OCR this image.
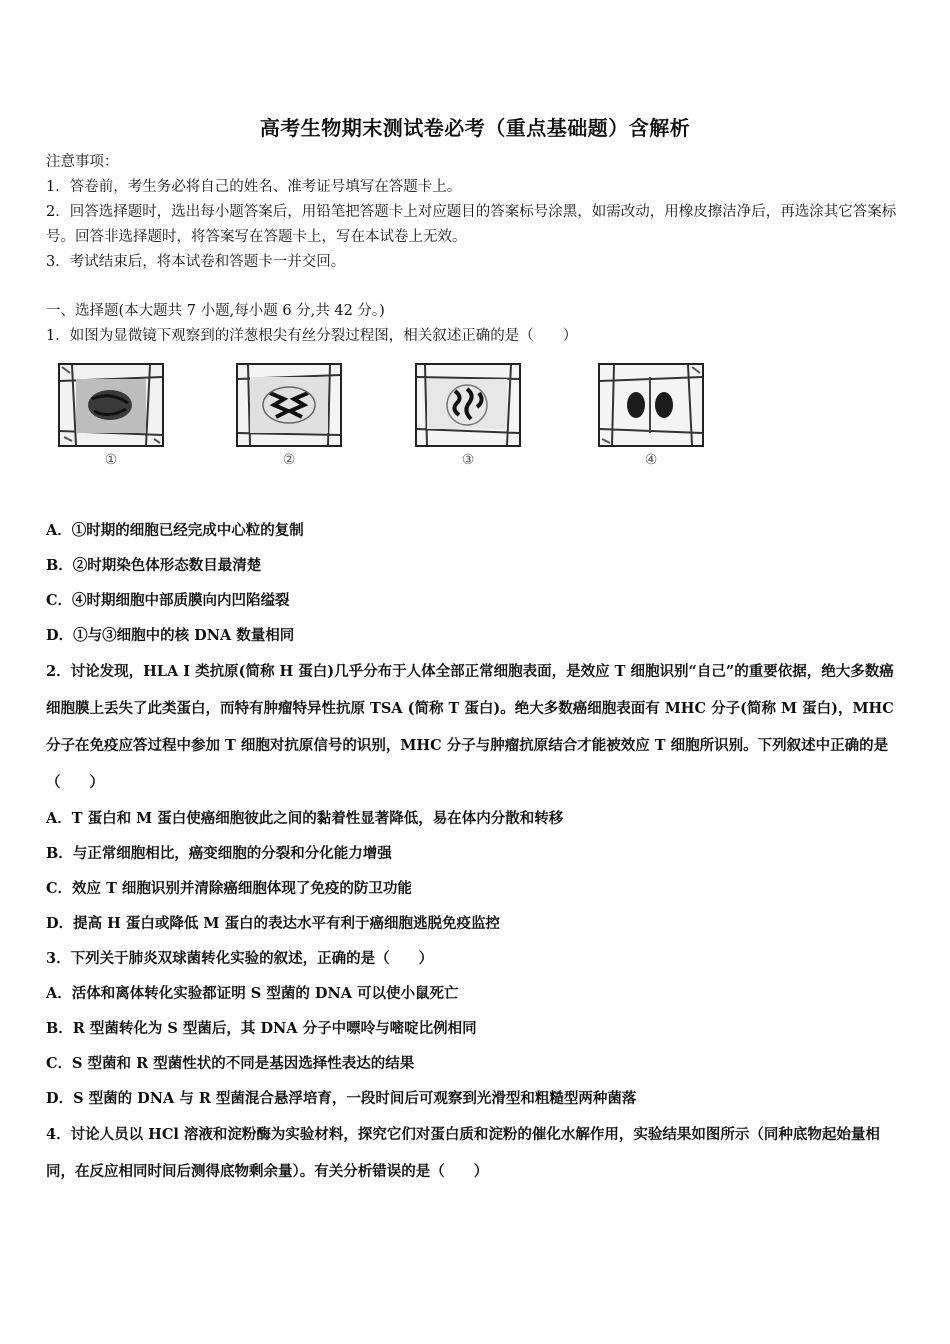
高考生物期末测试卷必考（重点基础题）含解析

注意事项：

1．答卷前，考生务必将自己的姓名、准考证号填写在答题卡上。

2．回答选择题时，选出每小题答案后，用铅笔把答题卡上对应题目的答案标号涂黑，如需改动，用橡皮擦洁净后，再选涂其它答案标号。回答非选择题时，将答案写在答题卡上，写在本试卷上无效。

3．考试结束后，将本试卷和答题卡一并交回。

一、选择题(本大题共 7 小题,每小题 6 分,共 42 分。)

1．如图为显微镜下观察到的洋葱根尖有丝分裂过程图，相关叙述正确的是（　　）

①	②	③	④

A．①时期的细胞已经完成中心粒的复制

B．②时期染色体形态数目最清楚

C．④时期细胞中部质膜向内凹陷缢裂

D．①与③细胞中的核 DNA 数量相同

2．讨论发现，HLA I 类抗原(简称 H 蛋白)几乎分布于人体全部正常细胞表面，是效应 T 细胞识别“自己”的重要依据，绝大多数癌细胞膜上丢失了此类蛋白，而特有肿瘤特异性抗原 TSA (简称 T 蛋白)。绝大多数癌细胞表面有 MHC 分子(简称 M 蛋白)，MHC 分子在免疫应答过程中参加 T 细胞对抗原信号的识别，MHC 分子与肿瘤抗原结合才能被效应 T 细胞所识别。下列叙述中正确的是（　　）

A．T 蛋白和 M 蛋白使癌细胞彼此之间的黏着性显著降低，易在体内分散和转移

B．与正常细胞相比，癌变细胞的分裂和分化能力增强

C．效应 T 细胞识别并清除癌细胞体现了免疫的防卫功能

D．提高 H 蛋白或降低 M 蛋白的表达水平有利于癌细胞逃脱免疫监控

3．下列关于肺炎双球菌转化实验的叙述，正确的是（　　）

A．活体和离体转化实验都证明 S 型菌的 DNA 可以使小鼠死亡

B．R 型菌转化为 S 型菌后，其 DNA 分子中嘌呤与嘧啶比例相同

C．S 型菌和 R 型菌性状的不同是基因选择性表达的结果

D．S 型菌的 DNA 与 R 型菌混合悬浮培育，一段时间后可观察到光滑型和粗糙型两种菌落

4．讨论人员以 HCl 溶液和淀粉酶为实验材料，探究它们对蛋白质和淀粉的催化水解作用，实验结果如图所示（同种底物起始量相同，在反应相同时间后测得底物剩余量）。有关分析错误的是（　　）
